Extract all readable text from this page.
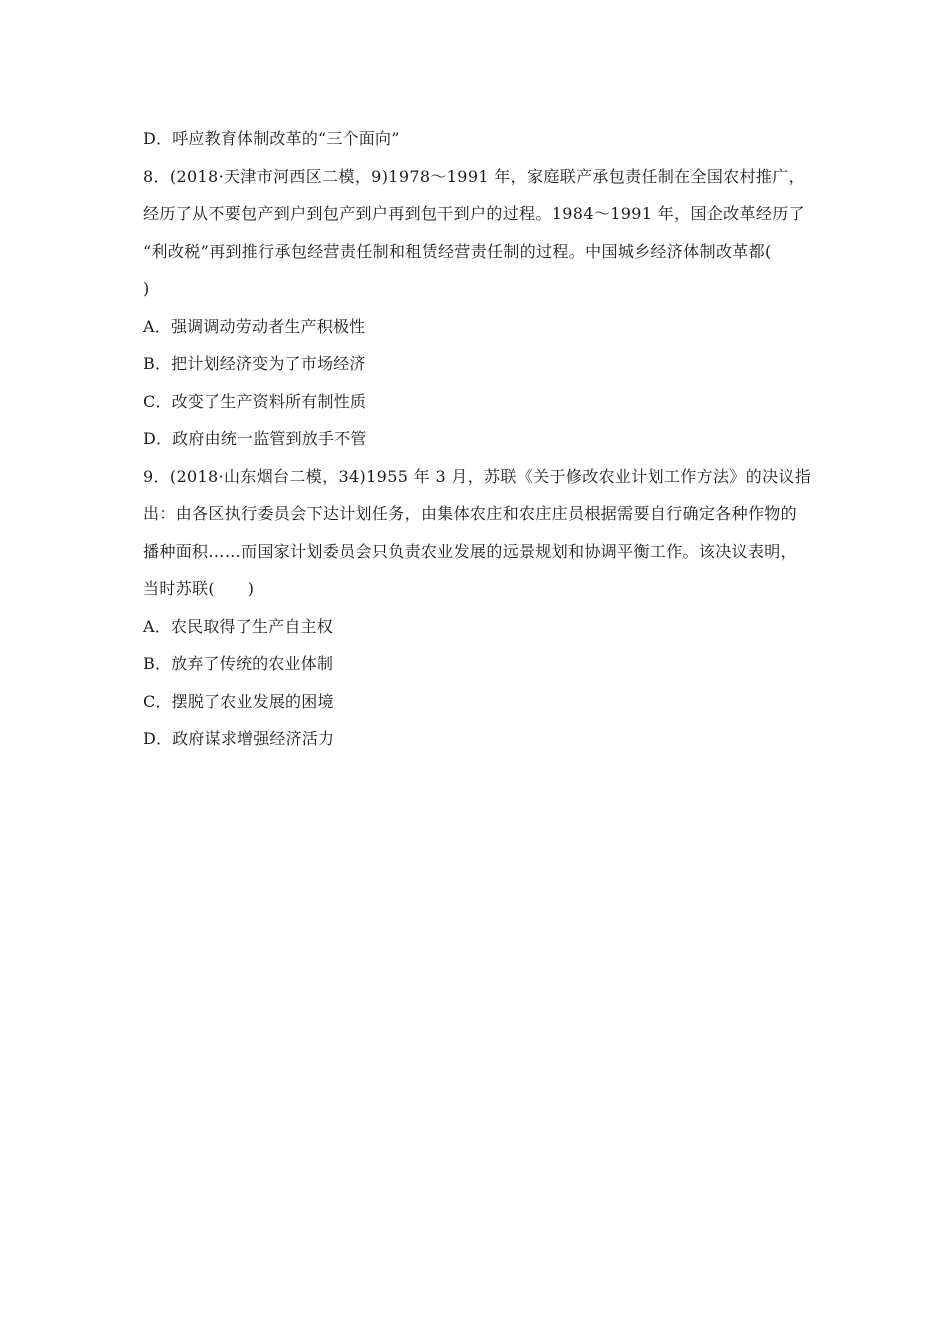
D．呼应教育体制改革的“三个面向”
8．(2018·天津市河西区二模，9)1978～1991 年，家庭联产承包责任制在全国农村推广，
经历了从不要包产到户到包产到户再到包干到户的过程。1984～1991 年，国企改革经历了
“利改税”再到推行承包经营责任制和租赁经营责任制的过程。中国城乡经济体制改革都(
)
A．强调调动劳动者生产积极性
B．把计划经济变为了市场经济
C．改变了生产资料所有制性质
D．政府由统一监管到放手不管
9．(2018·山东烟台二模，34)1955 年 3 月，苏联《关于修改农业计划工作方法》的决议指
出：由各区执行委员会下达计划任务，由集体农庄和农庄庄员根据需要自行确定各种作物的
播种面积……而国家计划委员会只负责农业发展的远景规划和协调平衡工作。该决议表明，
当时苏联(　　)
A．农民取得了生产自主权
B．放弃了传统的农业体制
C．摆脱了农业发展的困境
D．政府谋求增强经济活力
